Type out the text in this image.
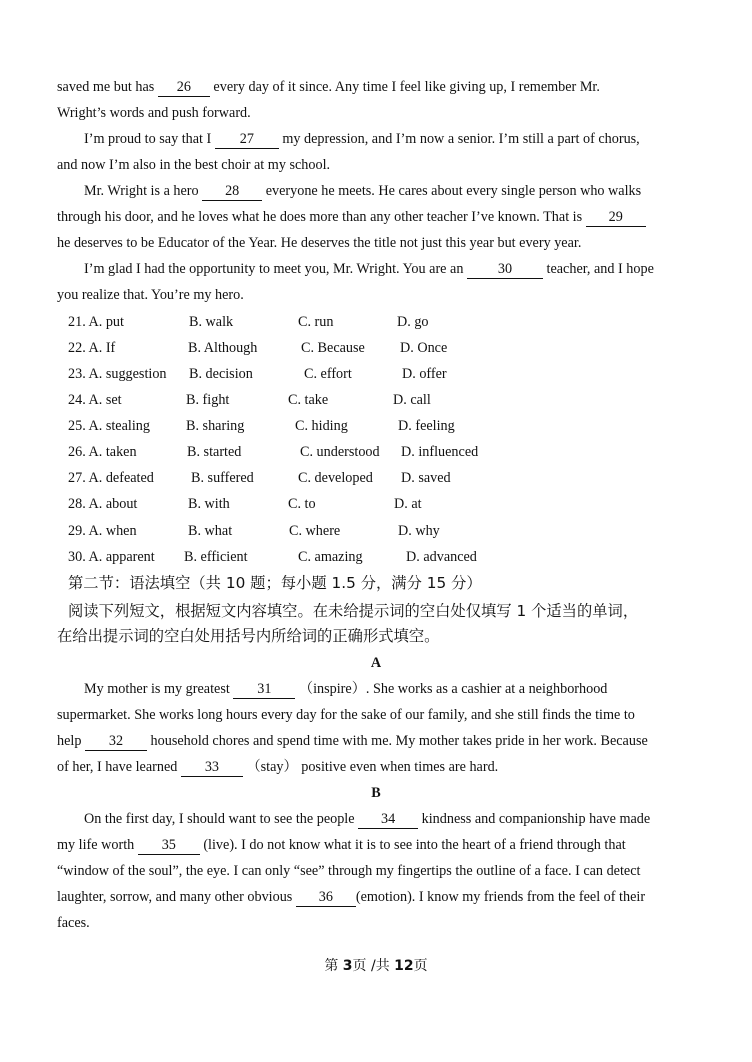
saved me but has 26 every day of it since. Any time I feel like giving up, I remember Mr.
Wright’s words and push forward.
I’m proud to say that I 27 my depression, and I’m now a senior. I’m still a part of chorus,
and now I’m also in the best choir at my school.
Mr. Wright is a hero 28 everyone he meets. He cares about every single person who walks
through his door, and he loves what he does more than any other teacher I’ve known. That is 29
he deserves to be Educator of the Year. He deserves the title not just this year but every year.
I’m glad I had the opportunity to meet you, Mr. Wright. You are an 30 teacher, and I hope
you realize that. You’re my hero.
21. A. put	B. walk	C. run	D. go
22. A. If	B. Although	C. Because D. Once
23. A. suggestion B. decision	C. effort	D. offer
24. A. set	B. fight	C. take	D. call
25. A. stealing	B. sharing	C. hiding	D. feeling
26. A. taken	B. started	C. understood D. influenced
27. A. defeated	B. suffered	C. developed D. saved
28. A. about	B. with	C. to	D. at
29. A. when	B. what	C. where	D. why
30. A. apparent B. efficient	C. amazing	D. advanced
第二节：语法填空（共 10 题；每小题 1.5 分，满分 15 分）
阅读下列短文，根据短文内容填空。在未给提示词的空白处仅填写 1 个适当的单词，
在给出提示词的空白处用括号内所给词的正确形式填空。
A
My mother is my greatest 31 （inspire）. She works as a cashier at a neighborhood
supermarket. She works long hours every day for the sake of our family, and she still finds the time to
help 32 household chores and spend time with me. My mother takes pride in her work. Because
of her, I have learned 33 （stay） positive even when times are hard.
B
On the first day, I should want to see the people 34 kindness and companionship have made
my life worth 35 (live). I do not know what it is to see into the heart of a friend through that
“window of the soul”, the eye. I can only “see” through my fingertips the outline of a face. I can detect
laughter, sorrow, and many other obvious 36 (emotion). I know my friends from the feel of their
faces.
第 3页 /共 12页
